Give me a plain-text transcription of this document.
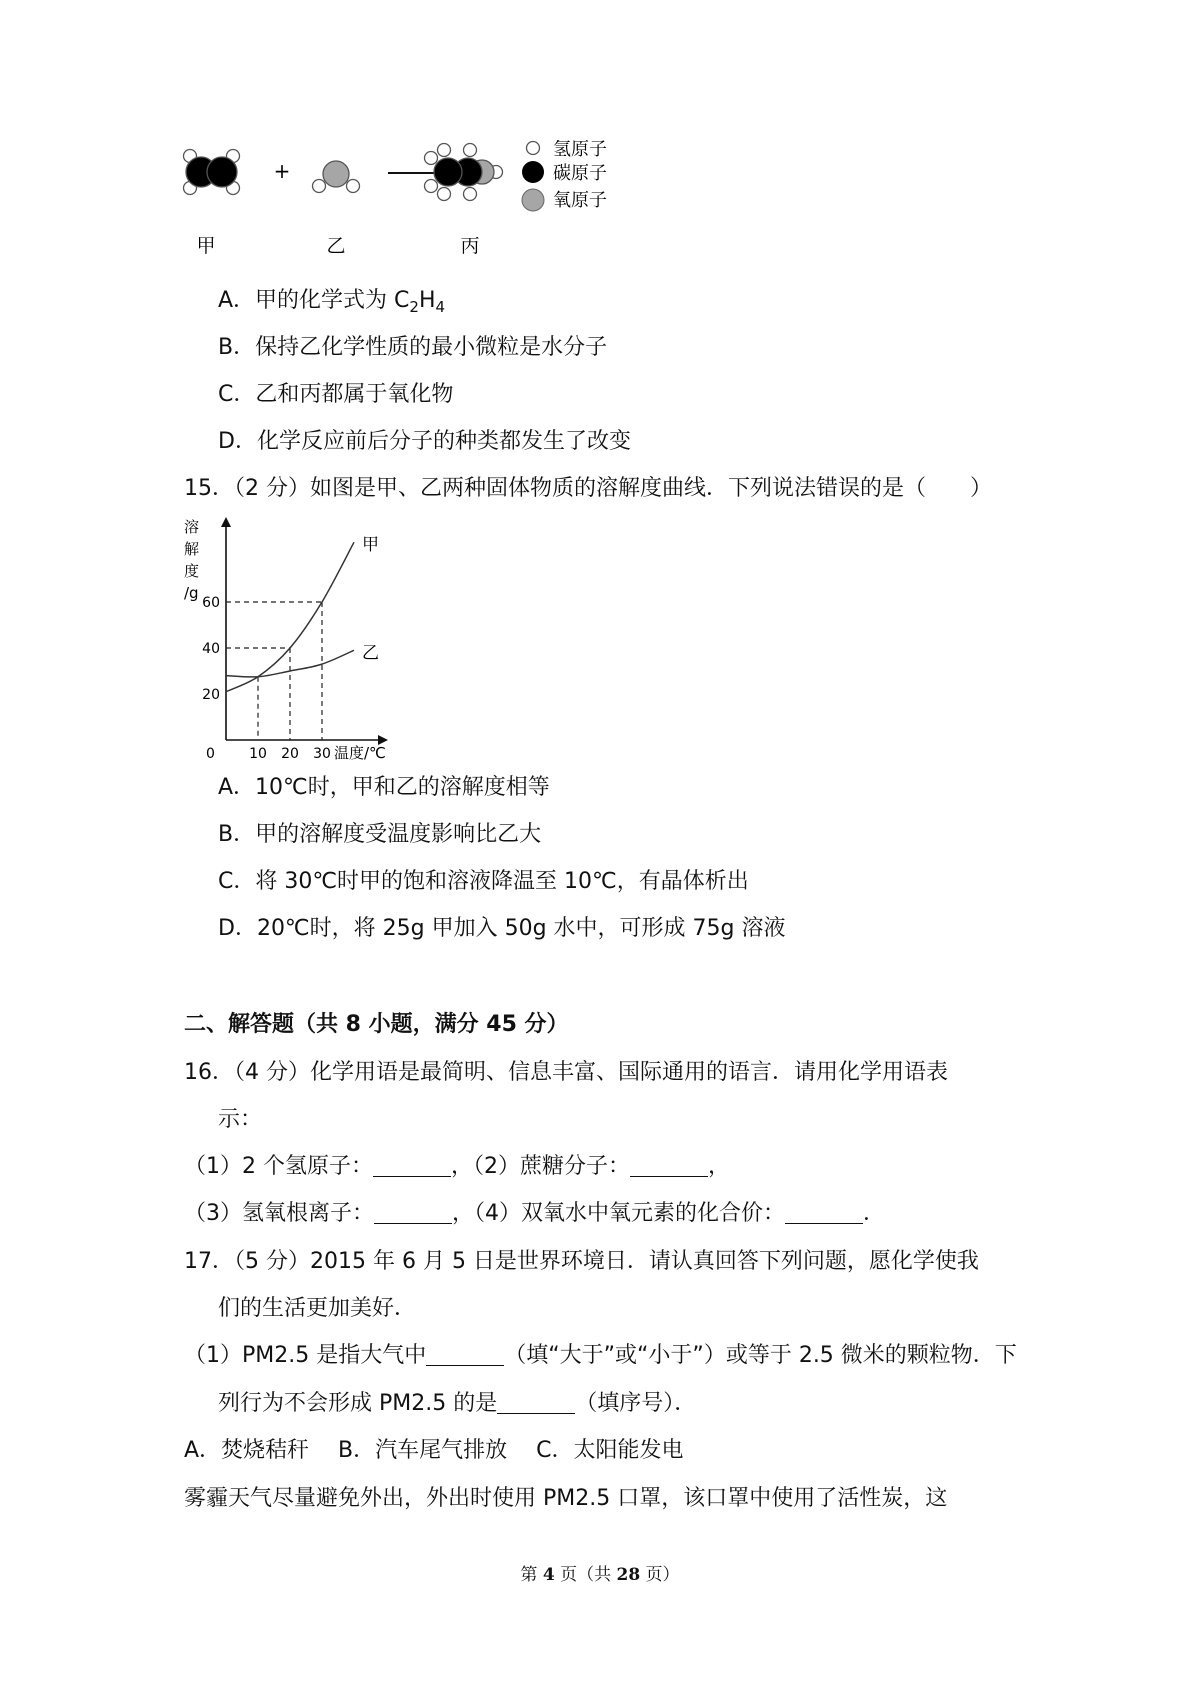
+
氢原子
碳原子
氧原子
甲	乙	丙
A．甲的化学式为 $C_2H_4$
B．保持乙化学性质的最小微粒是水分子
C．乙和丙都属于氧化物
D．化学反应前后分子的种类都发生了改变
15．（2 分）如图是甲、乙两种固体物质的溶解度曲线．下列说法错误的是（　　）
溶
解
度
/g
0 10 20 30
20
40
60
温度/℃
甲
乙
A．10℃时，甲和乙的溶解度相等
B．甲的溶解度受温度影响比乙大
C．将 30℃时甲的饱和溶液降温至 10℃，有晶体析出
D．20℃时，将 25g 甲加入 50g 水中，可形成 75g 溶液
二、解答题（共 8 小题，满分 45 分）
16．（4 分）化学用语是最简明、信息丰富、国际通用的语言．请用化学用语表
示：
（1）2 个氢原子：	，（2）蔗糖分子：	，
（3）氢氧根离子：	，（4）双氧水中氧元素的化合价：	．
17．（5 分）2015 年 6 月 5 日是世界环境日．请认真回答下列问题，愿化学使我
们的生活更加美好．
（1）PM2.5 是指大气中	（填“大于”或“小于”）或等于 2.5 微米的颗粒物．下
列行为不会形成 PM2.5 的是	（填序号）．
A．焚烧秸秆　 B．汽车尾气排放　 C．太阳能发电
雾霾天气尽量避免外出，外出时使用 PM2.5 口罩，该口罩中使用了活性炭，这
第 4 页（共 28 页）
